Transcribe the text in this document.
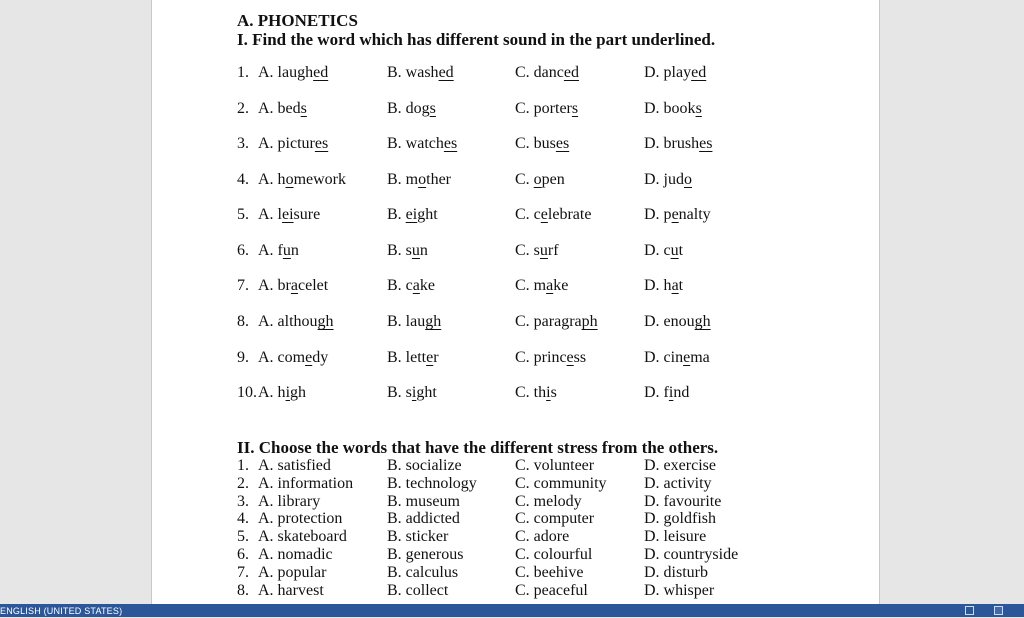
A. PHONETICS
I. Find the word which has different sound in the part underlined.
1. A. laughed	B. washed	C. danced	D. played
2. A. beds	B. dogs	C. porters	D. books
3. A. pictures	B. watches	C. buses	D. brushes
4. A. homework	B. mother	C. open	D. judo
5. A. leisure	B. eight	C. celebrate	D. penalty
6. A. fun	B. sun	C. surf	D. cut
7. A. bracelet	B. cake	C. make	D. hat
8. A. although	B. laugh	C. paragraph	D. enough
9. A. comedy	B. letter	C. princess	D. cinema
10. A. high	B. sight	C. this	D. find
II. Choose the words that have the different stress from the others.
1. A. satisfied	B. socialize	C. volunteer	D. exercise
2. A. information B. technology C. community D. activity
3. A. library	B. museum	C. melody	D. favourite
4. A. protection	B. addicted	C. computer	D. goldfish
5. A. skateboard	B. sticker	C. adore	D. leisure
6. A. nomadic	B. generous	C. colourful	D. countryside
7. A. popular	B. calculus	C. beehive	D. disturb
8. A. harvest	B. collect	C. peaceful	D. whisper
ENGLISH (UNITED STATES)
